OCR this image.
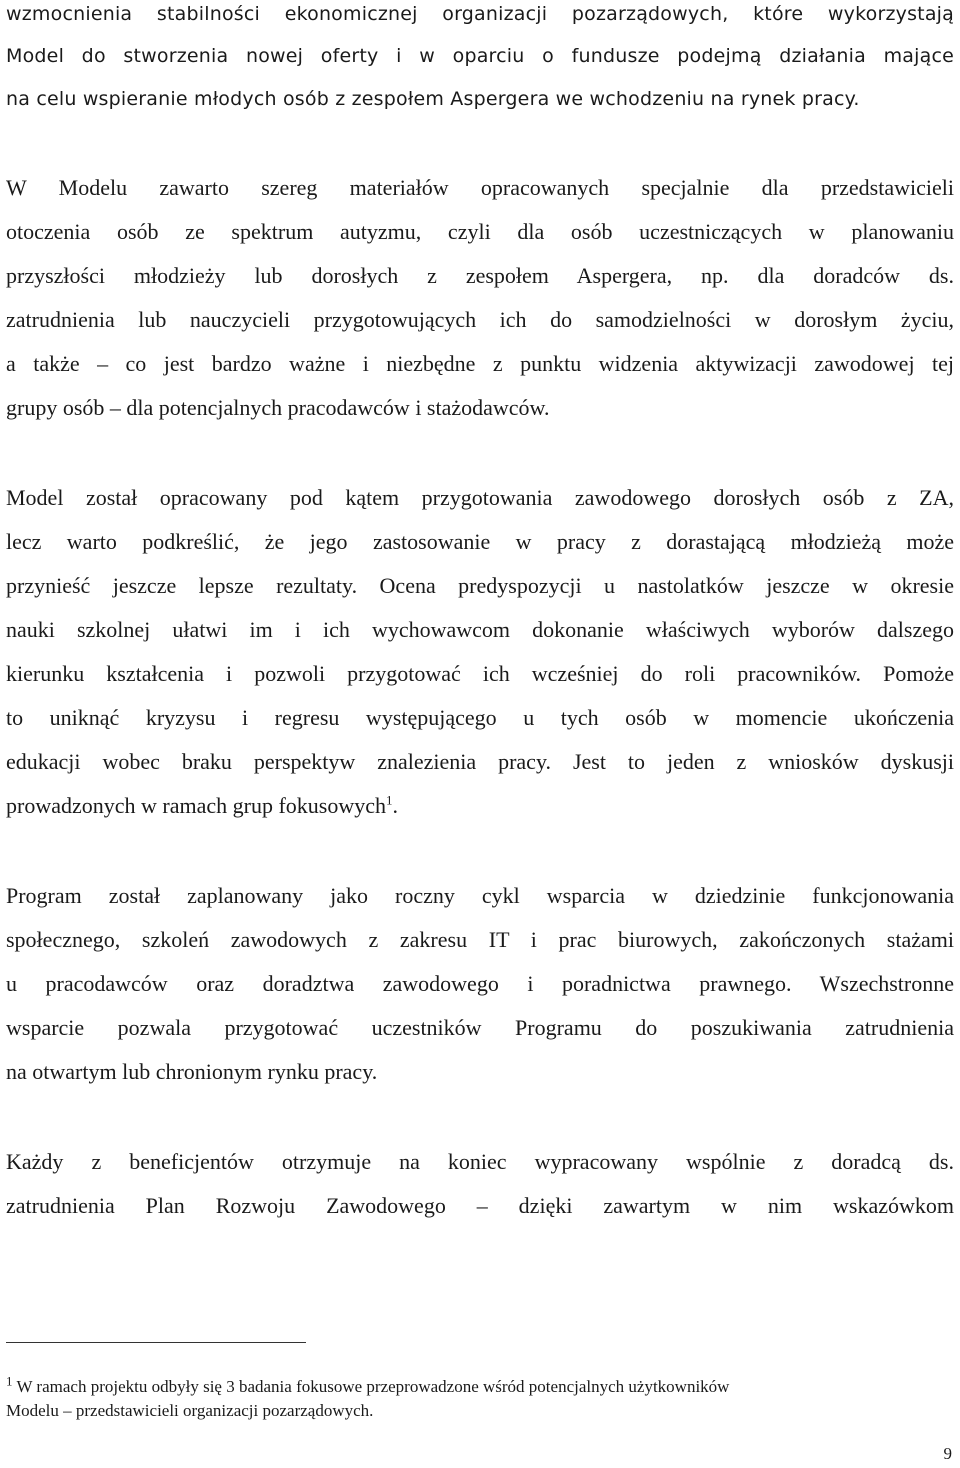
wzmocnienia stabilności ekonomicznej organizacji pozarządowych, które wykorzystają
Model do stworzenia nowej oferty i w oparciu o fundusze podejmą działania mające
na celu wspieranie młodych osób z zespołem Aspergera we wchodzeniu na rynek pracy.
W Modelu zawarto szereg materiałów opracowanych specjalnie dla przedstawicieli
otoczenia osób ze spektrum autyzmu, czyli dla osób uczestniczących w planowaniu
przyszłości młodzieży lub dorosłych z zespołem Aspergera, np. dla doradców ds.
zatrudnienia lub nauczycieli przygotowujących ich do samodzielności w dorosłym życiu,
a także – co jest bardzo ważne i niezbędne z punktu widzenia aktywizacji zawodowej tej
grupy osób – dla potencjalnych pracodawców i stażodawców.
Model został opracowany pod kątem przygotowania zawodowego dorosłych osób z ZA,
lecz warto podkreślić, że jego zastosowanie w pracy z dorastającą młodzieżą może
przynieść jeszcze lepsze rezultaty. Ocena predyspozycji u nastolatków jeszcze w okresie
nauki szkolnej ułatwi im i ich wychowawcom dokonanie właściwych wyborów dalszego
kierunku kształcenia i pozwoli przygotować ich wcześniej do roli pracowników. Pomoże
to uniknąć kryzysu i regresu występującego u tych osób w momencie ukończenia
edukacji wobec braku perspektyw znalezienia pracy. Jest to jeden z wniosków dyskusji
prowadzonych w ramach grup fokusowych$^1$.
Program został zaplanowany jako roczny cykl wsparcia w dziedzinie funkcjonowania
społecznego, szkoleń zawodowych z zakresu IT i prac biurowych, zakończonych stażami
u pracodawców oraz doradztwa zawodowego i poradnictwa prawnego. Wszechstronne
wsparcie pozwala przygotować uczestników Programu do poszukiwania zatrudnienia
na otwartym lub chronionym rynku pracy.
Każdy z beneficjentów otrzymuje na koniec wypracowany wspólnie z doradcą ds.
zatrudnienia Plan Rozwoju Zawodowego – dzięki zawartym w nim wskazówkom
$^1$ W ramach projektu odbyły się 3 badania fokusowe przeprowadzone wśród potencjalnych użytkowników
Modelu – przedstawicieli organizacji pozarządowych.
9
